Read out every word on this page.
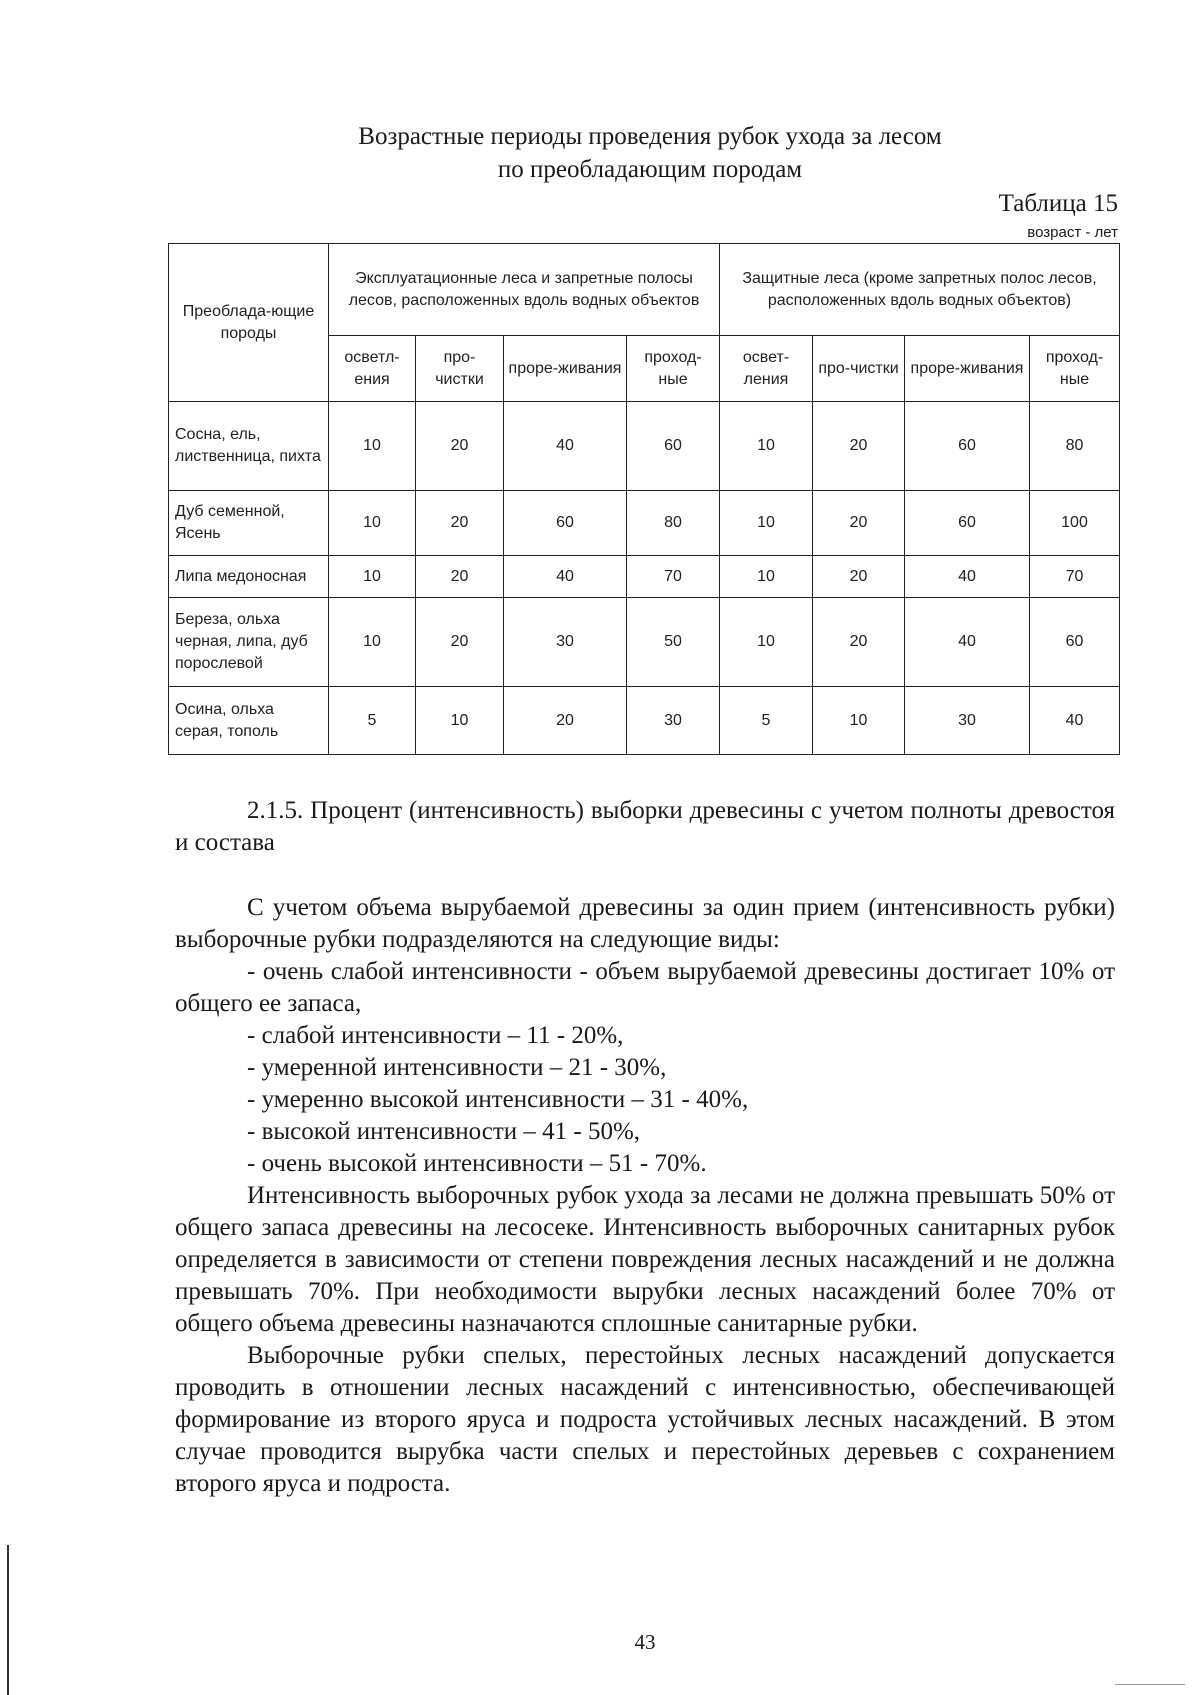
Возрастные периоды проведения рубок ухода за лесом
по преобладающим породам
Таблица 15
возраст - лет
Преоблада-ющие породы	Эксплуатационные леса и запретные полосы лесов, расположенных вдоль водных объектов				Защитные леса (кроме запретных полос лесов, расположенных вдоль водных объектов)			
	осветл-ения	про-чистки	проре-живания	проход-ные	освет-ления	про-чистки	проре-живания	проход-ные
Сосна, ель, лиственница, пихта	10	20	40	60	10	20	60	80
Дуб семенной, Ясень	10	20	60	80	10	20	60	100
Липа медоносная	10	20	40	70	10	20	40	70
Береза, ольха черная, липа, дуб порослевой	10	20	30	50	10	20	40	60
Осина, ольха серая, тополь	5	10	20	30	5	10	30	40

2.1.5. Процент (интенсивность) выборки древесины с учетом полноты древостоя и состава

С учетом объема вырубаемой древесины за один прием (интенсивность рубки) выборочные рубки подразделяются на следующие виды:

- очень слабой интенсивности - объем вырубаемой древесины достигает 10% от общего ее запаса,

- слабой интенсивности – 11 - 20%,

- умеренной интенсивности – 21 - 30%,

- умеренно высокой интенсивности – 31 - 40%,

- высокой интенсивности – 41 - 50%,

- очень высокой интенсивности – 51 - 70%.

Интенсивность выборочных рубок ухода за лесами не должна превышать 50% от общего запаса древесины на лесосеке. Интенсивность выборочных санитарных рубок определяется в зависимости от степени повреждения лесных насаждений и не должна превышать 70%. При необходимости вырубки лесных насаждений более 70% от общего объема древесины назначаются сплошные санитарные рубки.

Выборочные рубки спелых, перестойных лесных насаждений допускается проводить в отношении лесных насаждений с интенсивностью, обеспечивающей формирование из второго яруса и подроста устойчивых лесных насаждений. В этом случае проводится вырубка части спелых и перестойных деревьев с сохранением второго яруса и подроста.

43
